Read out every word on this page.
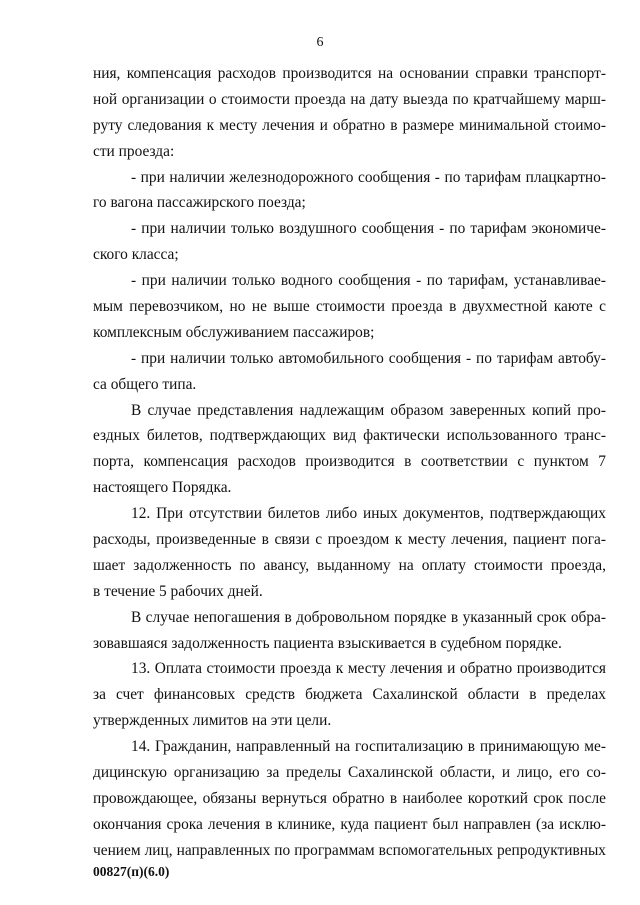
6
ния, компенсация расходов производится на основании справки транспорт-
ной организации о стоимости проезда на дату выезда по кратчайшему марш-
руту следования к месту лечения и обратно в размере минимальной стоимо-
сти проезда:
- при наличии железнодорожного сообщения - по тарифам плацкартно-
го вагона пассажирского поезда;
- при наличии только воздушного сообщения - по тарифам экономиче-
ского класса;
- при наличии только водного сообщения - по тарифам, устанавливае-
мым перевозчиком, но не выше стоимости проезда в двухместной каюте с
комплексным обслуживанием пассажиров;
- при наличии только автомобильного сообщения - по тарифам автобу-
са общего типа.
В случае представления надлежащим образом заверенных копий про-
ездных билетов, подтверждающих вид фактически использованного транс-
порта, компенсация расходов производится в соответствии с пунктом 7
настоящего Порядка.
12. При отсутствии билетов либо иных документов, подтверждающих
расходы, произведенные в связи с проездом к месту лечения, пациент пога-
шает задолженность по авансу, выданному на оплату стоимости проезда,
в течение 5 рабочих дней.
В случае непогашения в добровольном порядке в указанный срок обра-
зовавшаяся задолженность пациента взыскивается в судебном порядке.
13. Оплата стоимости проезда к месту лечения и обратно производится
за счет финансовых средств бюджета Сахалинской области в пределах
утвержденных лимитов на эти цели.
14. Гражданин, направленный на госпитализацию в принимающую ме-
дицинскую организацию за пределы Сахалинской области, и лицо, его со-
провождающее, обязаны вернуться обратно в наиболее короткий срок после
окончания срока лечения в клинике, куда пациент был направлен (за исклю-
чением лиц, направленных по программам вспомогательных репродуктивных
00827(п)(6.0)
